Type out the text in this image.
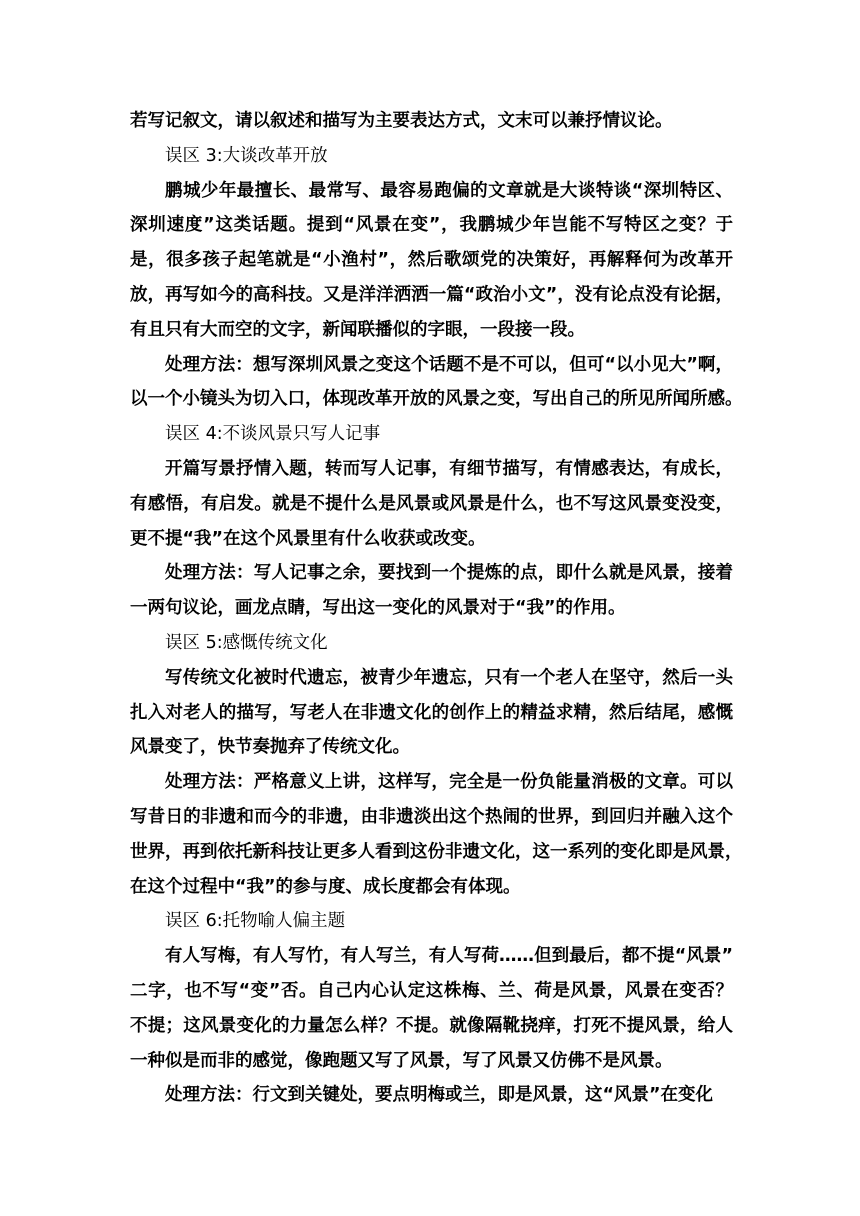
若写记叙文，请以叙述和描写为主要表达方式，文末可以兼抒情议论。
误区 3:大谈改革开放
鹏城少年最擅长、最常写、最容易跑偏的文章就是大谈特谈“深圳特区、
深圳速度”这类话题。提到“风景在变”，我鹏城少年岂能不写特区之变？于
是，很多孩子起笔就是“小渔村”，然后歌颂党的决策好，再解释何为改革开
放，再写如今的高科技。又是洋洋洒洒一篇“政治小文”，没有论点没有论据，
有且只有大而空的文字，新闻联播似的字眼，一段接一段。
处理方法：想写深圳风景之变这个话题不是不可以，但可“以小见大”啊，
以一个小镜头为切入口，体现改革开放的风景之变，写出自己的所见所闻所感。
误区 4:不谈风景只写人记事
开篇写景抒情入题，转而写人记事，有细节描写，有情感表达，有成长，
有感悟，有启发。就是不提什么是风景或风景是什么，也不写这风景变没变，
更不提“我”在这个风景里有什么收获或改变。
处理方法：写人记事之余，要找到一个提炼的点，即什么就是风景，接着
一两句议论，画龙点睛，写出这一变化的风景对于“我”的作用。
误区 5:感慨传统文化
写传统文化被时代遗忘，被青少年遗忘，只有一个老人在坚守，然后一头
扎入对老人的描写，写老人在非遗文化的创作上的精益求精，然后结尾，感慨
风景变了，快节奏抛弃了传统文化。
处理方法：严格意义上讲，这样写，完全是一份负能量消极的文章。可以
写昔日的非遗和而今的非遗，由非遗淡出这个热闹的世界，到回归并融入这个
世界，再到依托新科技让更多人看到这份非遗文化，这一系列的变化即是风景，
在这个过程中“我”的参与度、成长度都会有体现。
误区 6:托物喻人偏主题
有人写梅，有人写竹，有人写兰，有人写荷……但到最后，都不提“风景”
二字，也不写“变”否。自己内心认定这株梅、兰、荷是风景，风景在变否？
不提；这风景变化的力量怎么样？不提。就像隔靴挠痒，打死不提风景，给人
一种似是而非的感觉，像跑题又写了风景，写了风景又仿佛不是风景。
处理方法：行文到关键处，要点明梅或兰，即是风景，这“风景”在变化
